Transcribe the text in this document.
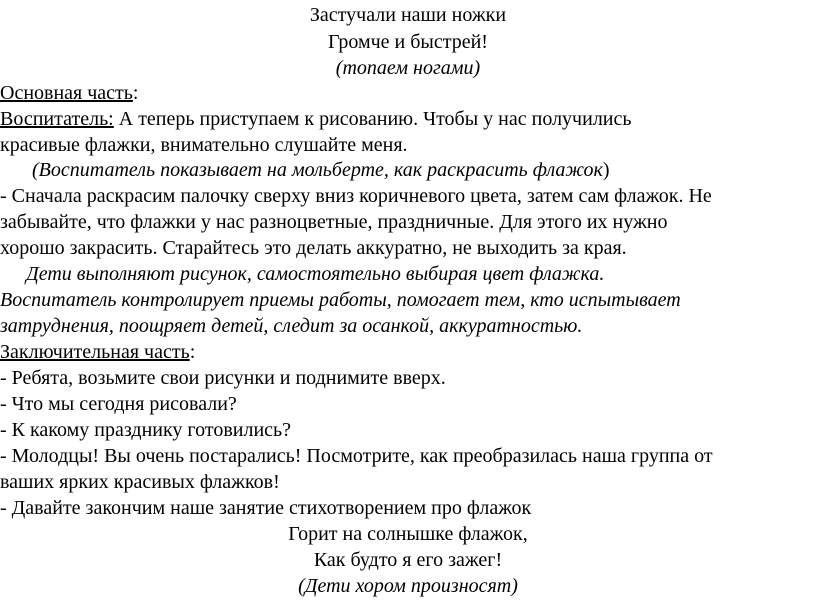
Застучали наши ножки
Громче и быстрей!
(топаем ногами)
Основная часть:
Воспитатель: А теперь приступаем к рисованию. Чтобы у нас получились
красивые флажки, внимательно слушайте меня.
(Воспитатель показывает на мольберте, как раскрасить флажок)
- Сначала раскрасим палочку сверху вниз коричневого цвета, затем сам флажок. Не
забывайте, что флажки у нас разноцветные, праздничные. Для этого их нужно
хорошо закрасить. Старайтесь это делать аккуратно, не выходить за края.
Дети выполняют рисунок, самостоятельно выбирая цвет флажка.
Воспитатель контролирует приемы работы, помогает тем, кто испытывает
затруднения, поощряет детей, следит за осанкой, аккуратностью.
Заключительная часть:
- Ребята, возьмите свои рисунки и поднимите вверх.
- Что мы сегодня рисовали?
- К какому празднику готовились?
- Молодцы! Вы очень постарались! Посмотрите, как преобразилась наша группа от
ваших ярких красивых флажков!
- Давайте закончим наше занятие стихотворением про флажок
Горит на солнышке флажок,
Как будто я его зажег!
(Дети хором произносят)
